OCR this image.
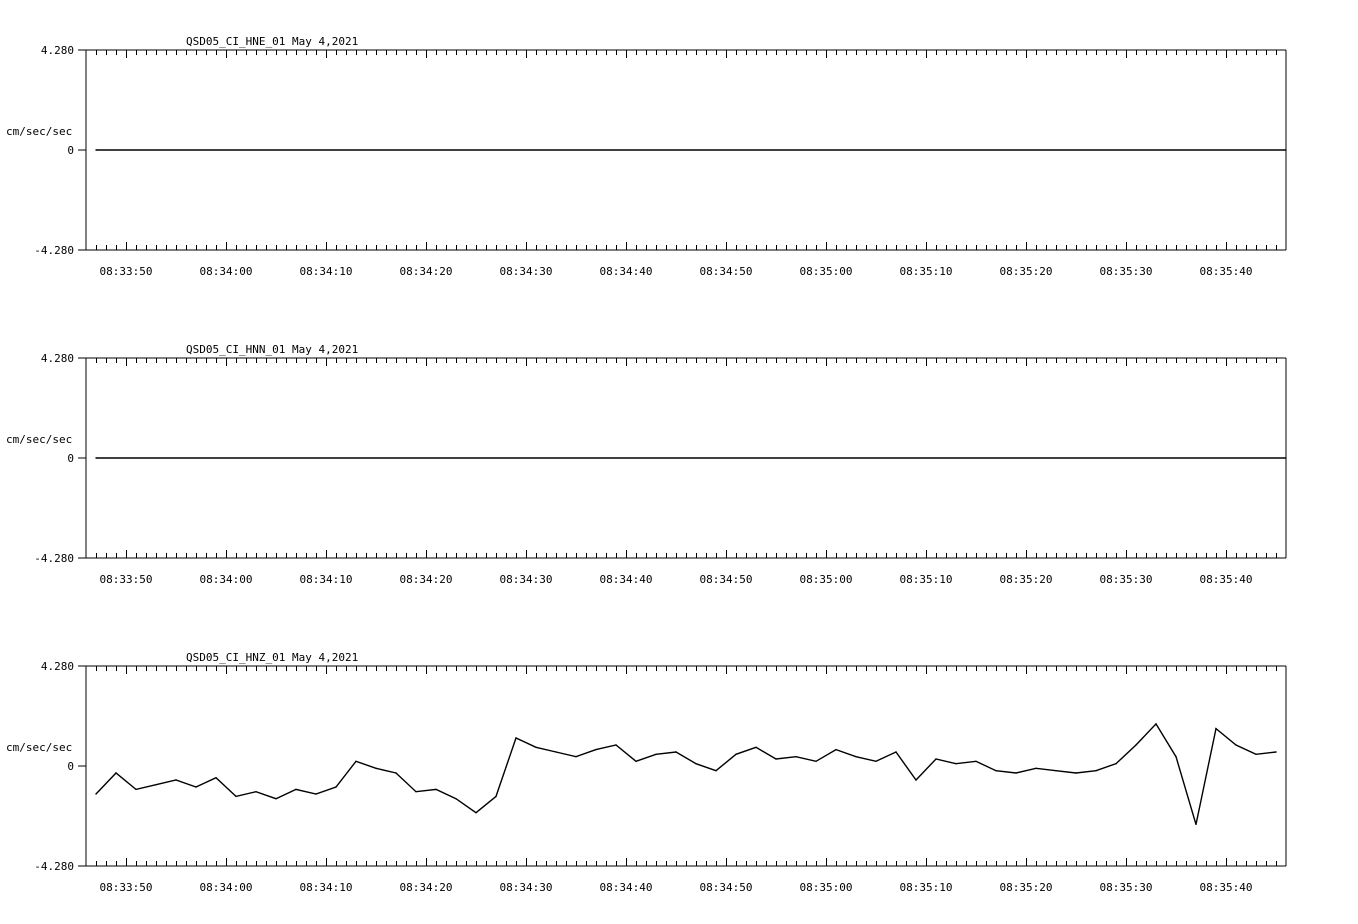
QSD05_CI_HNE_01 May 4,2021
cm/sec/sec
4.280
0
-4.280
08:33:50	08:34:00	08:34:10	08:34:20	08:34:30	08:34:40	08:34:50	08:35:00	08:35:10	08:35:20	08:35:30	08:35:40
QSD05_CI_HNN_01 May 4,2021
cm/sec/sec
4.280
0
-4.280
08:33:50	08:34:00	08:34:10	08:34:20	08:34:30	08:34:40	08:34:50	08:35:00	08:35:10	08:35:20	08:35:30	08:35:40
QSD05_CI_HNZ_01 May 4,2021
cm/sec/sec
4.280
0
-4.280
08:33:50	08:34:00	08:34:10	08:34:20	08:34:30	08:34:40	08:34:50	08:35:00	08:35:10	08:35:20	08:35:30	08:35:40
